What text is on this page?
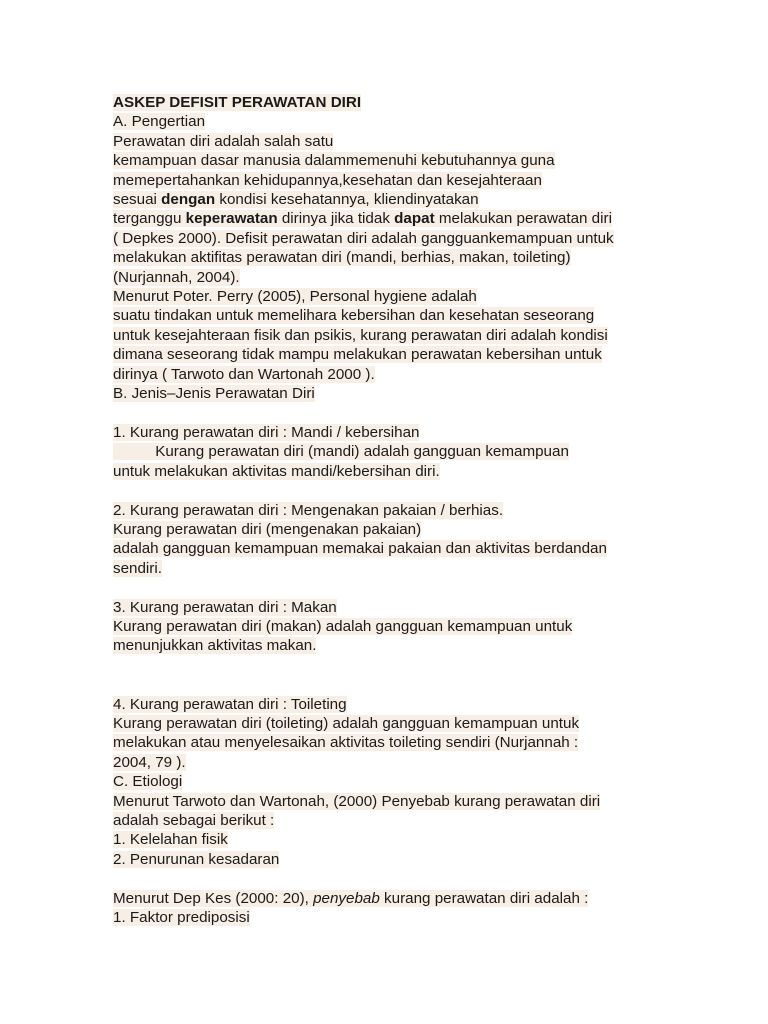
ASKEP DEFISIT PERAWATAN DIRI
A. Pengertian
Perawatan diri adalah salah satu
kemampuan dasar manusia dalammemenuhi kebutuhannya guna
memepertahankan kehidupannya,kesehatan dan kesejahteraan
sesuai dengan kondisi kesehatannya, kliendinyatakan
terganggu keperawatan dirinya jika tidak dapat melakukan perawatan diri
( Depkes 2000). Defisit perawatan diri adalah gangguankemampuan untuk
melakukan aktifitas perawatan diri (mandi, berhias, makan, toileting)
(Nurjannah, 2004).
Menurut Poter. Perry (2005), Personal hygiene adalah
suatu tindakan untuk memelihara kebersihan dan kesehatan seseorang
untuk kesejahteraan fisik dan psikis, kurang perawatan diri adalah kondisi
dimana seseorang tidak mampu melakukan perawatan kebersihan untuk
dirinya ( Tarwoto dan Wartonah 2000 ).
B. Jenis–Jenis Perawatan Diri
1. Kurang perawatan diri : Mandi / kebersihan
Kurang perawatan diri (mandi) adalah gangguan kemampuan
untuk melakukan aktivitas mandi/kebersihan diri.
2. Kurang perawatan diri : Mengenakan pakaian / berhias.
Kurang perawatan diri (mengenakan pakaian)
adalah gangguan kemampuan memakai pakaian dan aktivitas berdandan
sendiri.
3. Kurang perawatan diri : Makan
Kurang perawatan diri (makan) adalah gangguan kemampuan untuk
menunjukkan aktivitas makan.
4. Kurang perawatan diri : Toileting
Kurang perawatan diri (toileting) adalah gangguan kemampuan untuk
melakukan atau menyelesaikan aktivitas toileting sendiri (Nurjannah :
2004, 79 ).
C. Etiologi
Menurut Tarwoto dan Wartonah, (2000) Penyebab kurang perawatan diri
adalah sebagai berikut :
1. Kelelahan fisik
2. Penurunan kesadaran
Menurut Dep Kes (2000: 20), penyebab kurang perawatan diri adalah :
1. Faktor prediposisi
